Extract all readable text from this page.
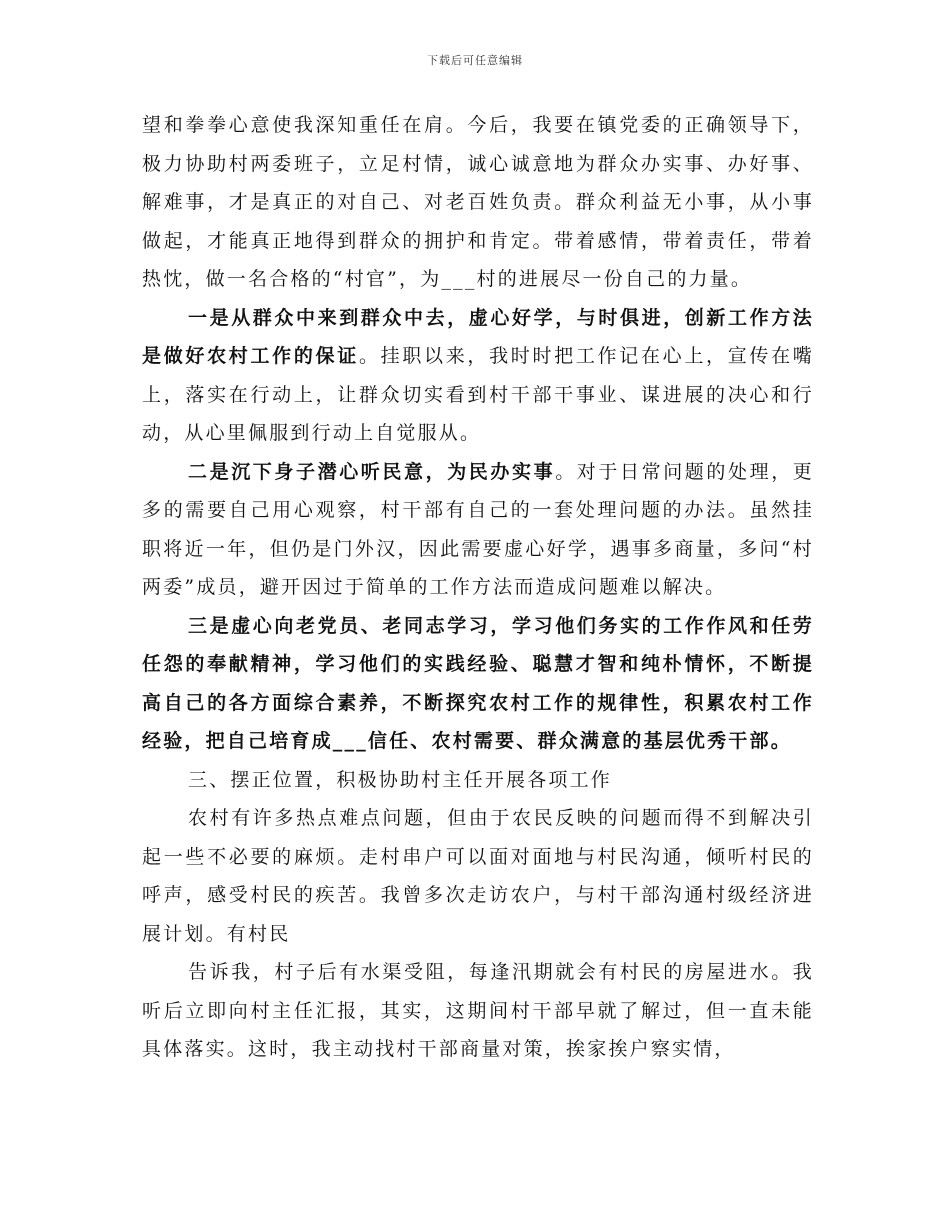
下载后可任意编辑

望和拳拳心意使我深知重任在肩。今后，我要在镇党委的正确领导下，极力协助村两委班子，立足村情，诚心诚意地为群众办实事、办好事、解难事，才是真正的对自己、对老百姓负责。群众利益无小事，从小事做起，才能真正地得到群众的拥护和肯定。带着感情，带着责任，带着热忱，做一名合格的“村官”，为___村的进展尽一份自己的力量。

一是从群众中来到群众中去，虚心好学，与时俱进，创新工作方法是做好农村工作的保证。挂职以来，我时时把工作记在心上，宣传在嘴上，落实在行动上，让群众切实看到村干部干事业、谋进展的决心和行动，从心里佩服到行动上自觉服从。

二是沉下身子潜心听民意，为民办实事。对于日常问题的处理，更多的需要自己用心观察，村干部有自己的一套处理问题的办法。虽然挂职将近一年，但仍是门外汉，因此需要虚心好学，遇事多商量，多问“村两委”成员，避开因过于简单的工作方法而造成问题难以解决。

三是虚心向老党员、老同志学习，学习他们务实的工作作风和任劳任怨的奉献精神，学习他们的实践经验、聪慧才智和纯朴情怀，不断提高自己的各方面综合素养，不断探究农村工作的规律性，积累农村工作经验，把自己培育成___信任、农村需要、群众满意的基层优秀干部。

三、摆正位置，积极协助村主任开展各项工作

农村有许多热点难点问题，但由于农民反映的问题而得不到解决引起一些不必要的麻烦。走村串户可以面对面地与村民沟通，倾听村民的呼声，感受村民的疾苦。我曾多次走访农户，与村干部沟通村级经济进展计划。有村民

告诉我，村子后有水渠受阻，每逢汛期就会有村民的房屋进水。我听后立即向村主任汇报，其实，这期间村干部早就了解过，但一直未能具体落实。这时，我主动找村干部商量对策，挨家挨户察实情，
